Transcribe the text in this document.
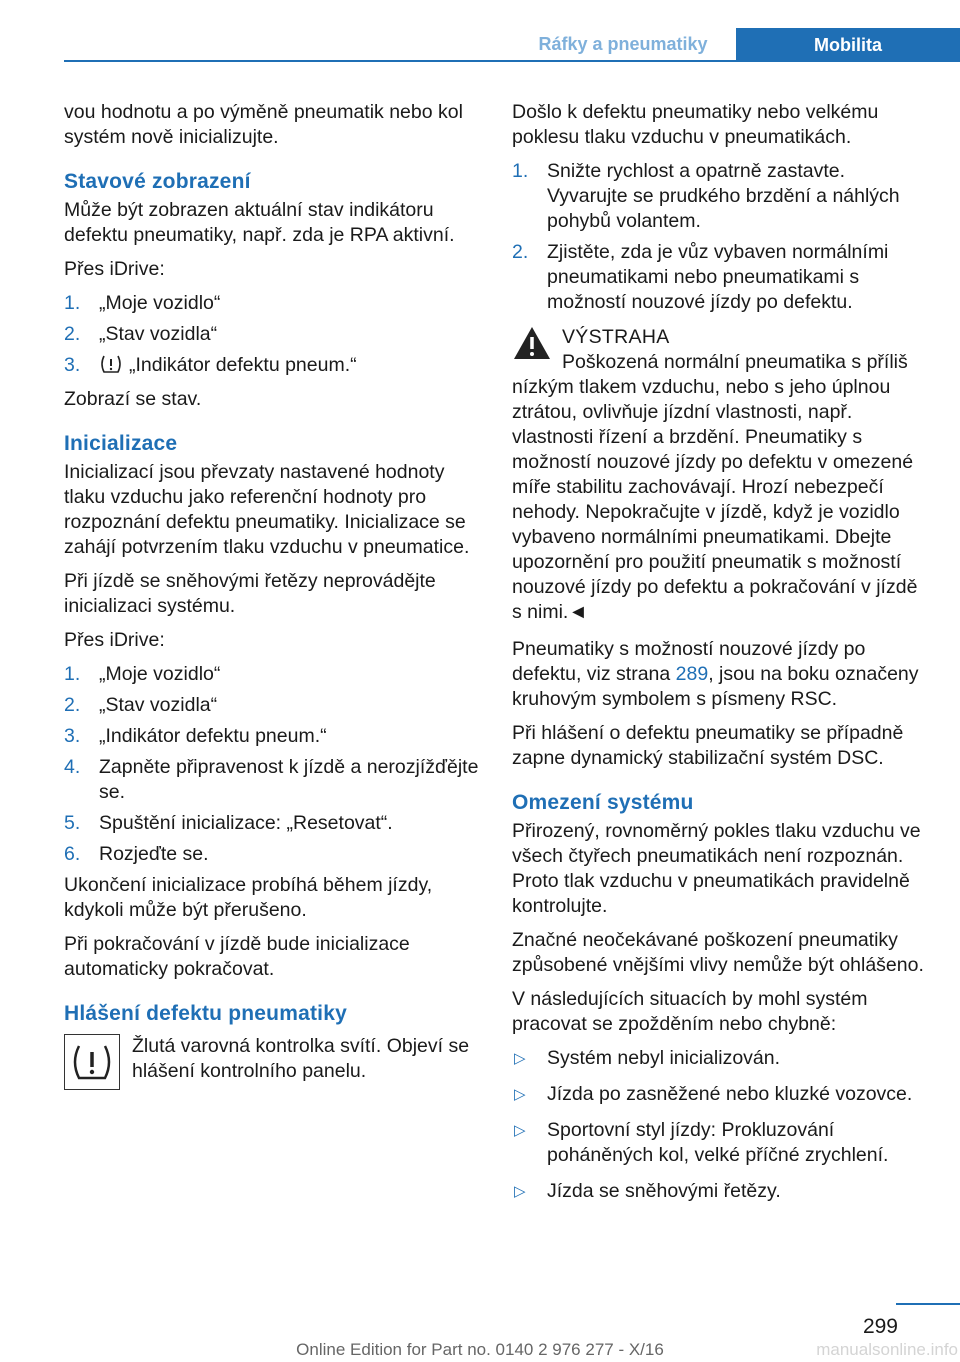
Ráfky a pneumatiky	Mobilita

vou hodnotu a po výměně pneumatik nebo kol systém nově inicializujte.

Stavové zobrazení

Může být zobrazen aktuální stav indikátoru defektu pneumatiky, např. zda je RPA aktivní.

Přes iDrive:

1. „Moje vozidlo“
2. „Stav vozidla“
3. „Indikátor defektu pneum.“

Zobrazí se stav.

Inicializace

Inicializací jsou převzaty nastavené hodnoty tlaku vzduchu jako referenční hodnoty pro rozpoznání defektu pneumatiky. Inicializace se zahájí potvrzením tlaku vzduchu v pneumatice.

Při jízdě se sněhovými řetězy neprovádějte inicializaci systému.

Přes iDrive:

1. „Moje vozidlo“
2. „Stav vozidla“
3. „Indikátor defektu pneum.“
4. Zapněte připravenost k jízdě a nerozjížďějte se.
5. Spuštění inicializace: „Resetovat“.
6. Rozjeďte se.

Ukončení inicializace probíhá během jízdy, kdykoli může být přerušeno.

Při pokračování v jízdě bude inicializace automaticky pokračovat.

Hlášení defektu pneumatiky

Žlutá varovná kontrolka svítí. Objeví se hlášení kontrolního panelu.

Došlo k defektu pneumatiky nebo velkému poklesu tlaku vzduchu v pneumatikách.

1. Snižte rychlost a opatrně zastavte. Vyvarujte se prudkého brzdění a náhlých pohybů volantem.
2. Zjistěte, zda je vůz vybaven normálními pneumatikami nebo pneumatikami s možností nouzové jízdy po defektu.
VÝSTRAHA
Poškozená normální pneumatika s příliš nízkým tlakem vzduchu, nebo s jeho úplnou ztrátou, ovlivňuje jízdní vlastnosti, např. vlastnosti řízení a brzdění. Pneumatiky s možností nouzové jízdy po defektu v omezené míře stabilitu zachovávají. Hrozí nebezpečí nehody. Nepokračujte v jízdě, když je vozidlo vybaveno normálními pneumatikami. Dbejte upozornění pro použití pneumatik s možností nouzové jízdy po defektu a pokračování v jízdě s nimi.◄

Pneumatiky s možností nouzové jízdy po defektu, viz strana 289, jsou na boku označeny kruhovým symbolem s písmeny RSC.

Při hlášení o defektu pneumatiky se případně zapne dynamický stabilizační systém DSC.

Omezení systému

Přirozený, rovnoměrný pokles tlaku vzduchu ve všech čtyřech pneumatikách není rozpoznán. Proto tlak vzduchu v pneumatikách pravidelně kontrolujte.

Značné neočekávané poškození pneumatiky způsobené vnějšími vlivy nemůže být ohlášeno.

V následujících situacích by mohl systém pracovat se zpožděním nebo chybně:

▷ Systém nebyl inicializován.
▷ Jízda po zasněžené nebo kluzké vozovce.
▷ Sportovní styl jízdy: Prokluzování poháněných kol, velké příčné zrychlení.
▷ Jízda se sněhovými řetězy.
299
Online Edition for Part no. 0140 2 976 277 - X/16	manualsonline.info
